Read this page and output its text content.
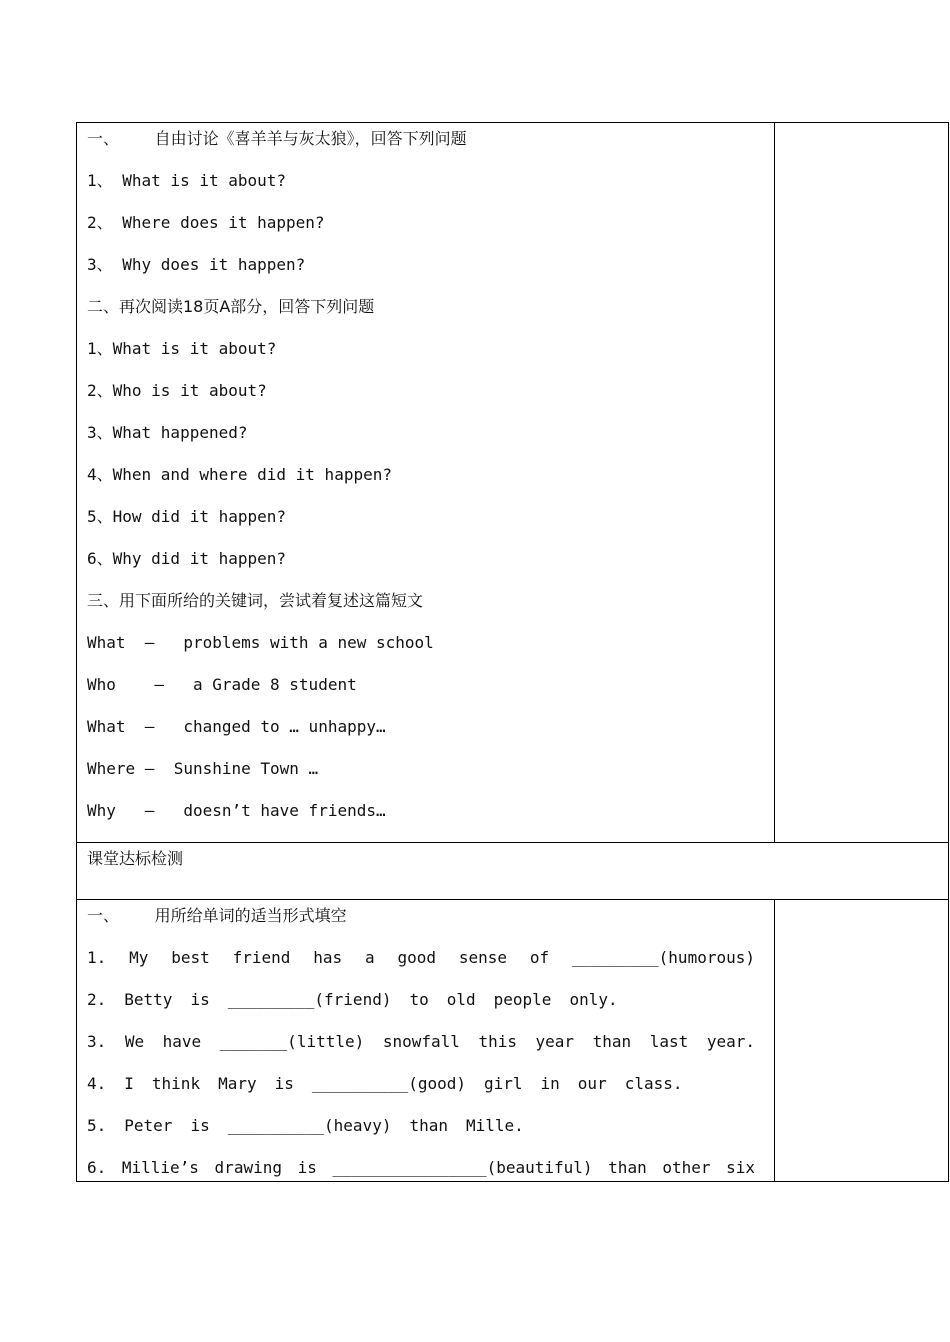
一、       自由讨论《喜羊羊与灰太狼》，回答下列问题
1、 What is it about?
2、 Where does it happen?
3、 Why does it happen?
二、再次阅读18页A部分，回答下列问题
1、What is it about?
2、Who is it about?
3、What happened?
4、When and where did it happen?
5、How did it happen?
6、Why did it happen?
三、用下面所给的关键词，尝试着复述这篇短文
What  —   problems with a new school
Who    —   a Grade 8 student
What  —   changed to … unhappy…
Where —  Sunshine Town …
Why   —   doesn’t have friends…
课堂达标检测
一、       用所给单词的适当形式填空
1. My best friend has a good sense of _________(humorous)
2. Betty is _________(friend) to old people only.
3. We have _______(little) snowfall this year than last year.
4. I think Mary is __________(good) girl in our class.
5. Peter is __________(heavy) than Mille.
6. Millie’s drawing is ________________(beautiful) than other six
